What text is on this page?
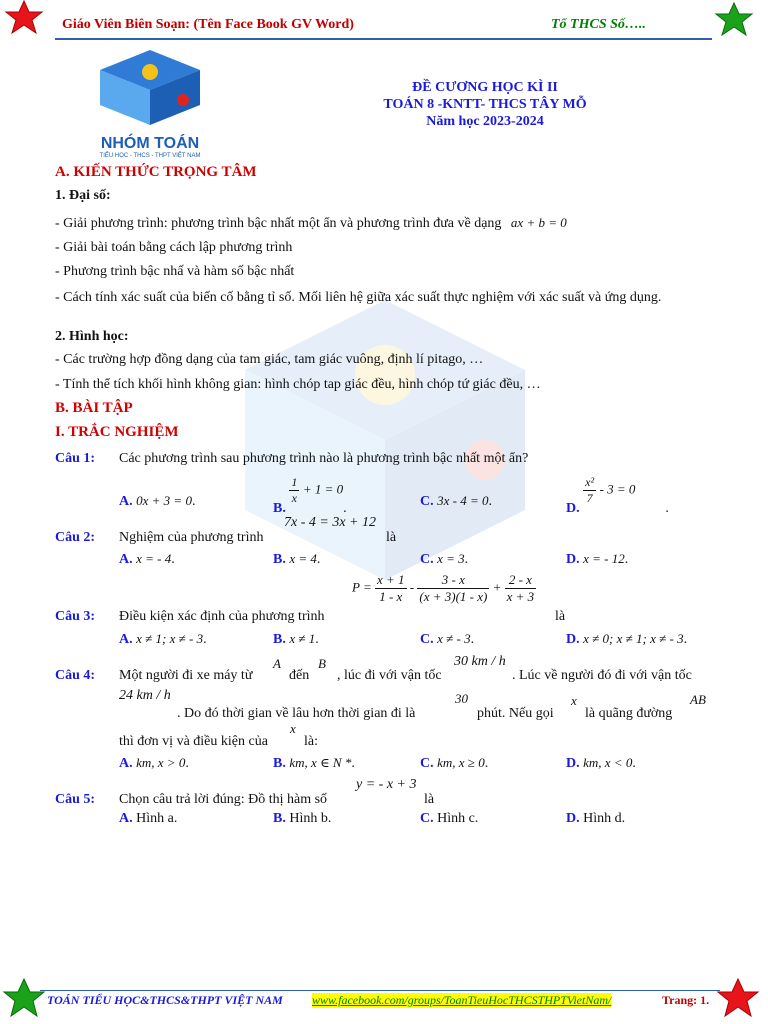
Giáo Viên Biên Soạn: (Tên Face Book GV Word)	Tổ THCS Số…..
NHÓM TOÁN
TIỂU HỌC - THCS - THPT VIỆT NAM
ĐỀ CƯƠNG HỌC KÌ II
TOÁN 8 -KNTT- THCS TÂY MỖ
Năm học 2023-2024
A. KIẾN THỨC TRỌNG TÂM
1. Đại số:
- Giải phương trình: phương trình bậc nhất một ẩn và phương trình đưa về dạng ax + b = 0
- Giải bài toán bằng cách lập phương trình
- Phương trình bậc nhấ và hàm số bậc nhất
- Cách tính xác suất của biến cố bằng tỉ số. Mối liên hệ giữa xác suất thực nghiệm với xác suất và ứng dụng.
2. Hình học:
- Các trường hợp đồng dạng của tam giác, tam giác vuông, định lí pitago, …
- Tính thể tích khối hình không gian: hình chóp tap giác đều, hình chóp tứ giác đều, …
B. BÀI TẬP
I. TRẮC NGHIỆM
Câu 1: Các phương trình sau phương trình nào là phương trình bậc nhất một ẩn?
A. 0x + 3 = 0.	B.
$\frac{1}{x} + 1 = 0$.	C. 3x - 4 = 0.	D.
$\frac{\text{x²}}{7} - 3 = 0$.
7x - 4 = 3x + 12
Câu 2: Nghiệm của phương trình	là
A. x = - 4.	B. x = 4.	C. x = 3.	D. x = - 12.
$P = \frac{x + 1}{1 - x} - \frac{3 - x}{(x + 3)(1 - x)} + \frac{2 - x}{x + 3}$
Câu 3: Điều kiện xác định của phương trình	là
A. x ≠ 1; x ≠ - 3.	B. x ≠ 1.	C. x ≠ - 3.	D. x ≠ 0; x ≠ 1; x ≠ - 3.
A	B	30 km / h
Câu 4: Một người đi xe máy từ	đến , lúc đi với vận tốc	. Lúc về người đó đi với vận tốc
24 km / h	30	x	AB
. Do đó thời gian về lâu hơn thời gian đi là	phút. Nếu gọi là quãng đường
x
thì đơn vị và điều kiện của	là:
A. km, x > 0.	B. km, x ∈ N *.	C. km, x ≥ 0.	D. km, x < 0.
y = - x + 3
Câu 5: Chọn câu trả lời đúng: Đồ thị hàm số	là
A. Hình a.	B. Hình b.	C. Hình c.	D. Hình d.
TOÁN TIỂU HỌC&THCS&THPT VIỆT NAM www.facebook.com/groups/ToanTieuHocTHCSTHPTVietNam/	Trang: 1.
